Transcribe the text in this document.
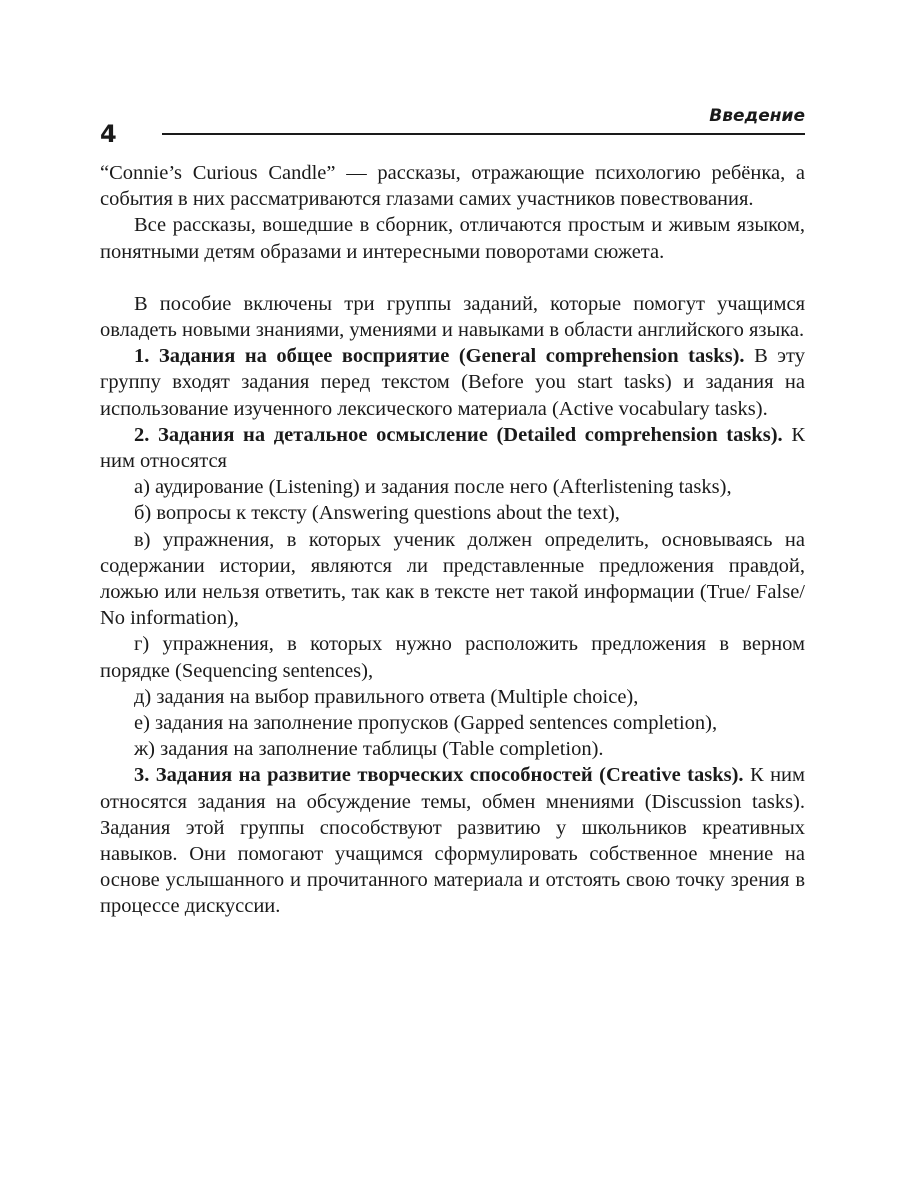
4
Введение

“Connie’s Curious Candle” — рассказы, отражающие психологию ребёнка, а события в них рассматриваются глазами самих участников повествования.

Все рассказы, вошедшие в сборник, отличаются простым и живым языком, понятными детям образами и интересными поворотами сюжета.

В пособие включены три группы заданий, которые помогут учащимся овладеть новыми знаниями, умениями и навыками в области английского языка.

1. Задания на общее восприятие (General comprehension tasks). В эту группу входят задания перед текстом (Before you start tasks) и задания на использование изученного лексического материала (Active vocabulary tasks).

2. Задания на детальное осмысление (Detailed comprehension tasks). К ним относятся

а) аудирование (Listening) и задания после него (Afterlistening tasks),

б) вопросы к тексту (Answering questions about the text),

в) упражнения, в которых ученик должен определить, основываясь на содержании истории, являются ли представленные предложения правдой, ложью или нельзя ответить, так как в тексте нет такой информации (True/ False/ No information),

г) упражнения, в которых нужно расположить предложения в верном порядке (Sequencing sentences),

д) задания на выбор правильного ответа (Multiple choice),

е) задания на заполнение пропусков (Gapped sentences completion),

ж) задания на заполнение таблицы (Table completion).

3. Задания на развитие творческих способностей (Creative tasks). К ним относятся задания на обсуждение темы, обмен мнениями (Discussion tasks). Задания этой группы способствуют развитию у школьников креативных навыков. Они помогают учащимся сформулировать собственное мнение на основе услышанного и прочитанного материала и отстоять свою точку зрения в процессе дискуссии.
